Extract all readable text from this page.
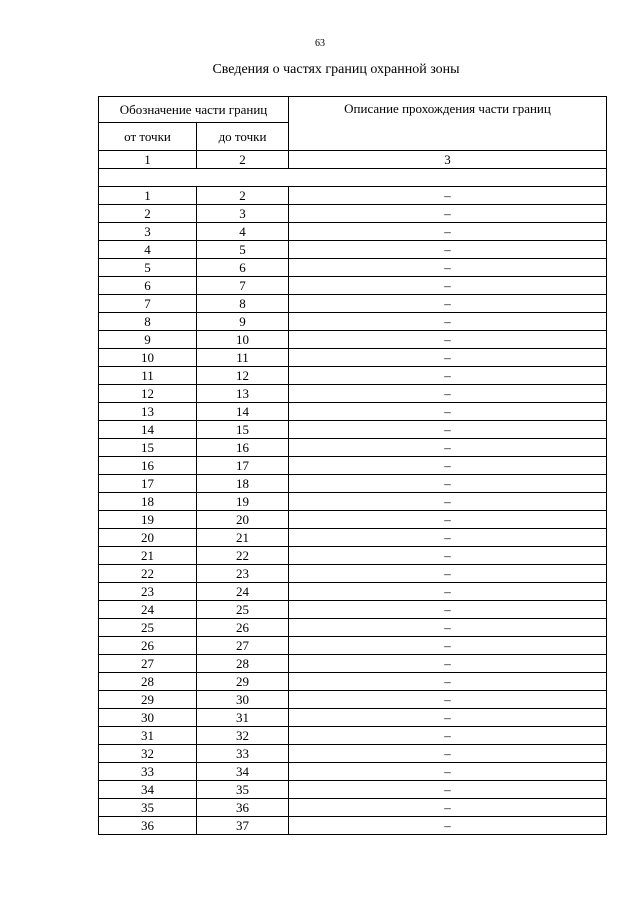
63
Сведения о частях границ охранной зоны
Обозначение части границ		Описание прохождения части границ
от точки	до точки	
1	2	3

1	2	–
2	3	–
3	4	–
4	5	–
5	6	–
6	7	–
7	8	–
8	9	–
9	10	–
10	11	–
11	12	–
12	13	–
13	14	–
14	15	–
15	16	–
16	17	–
17	18	–
18	19	–
19	20	–
20	21	–
21	22	–
22	23	–
23	24	–
24	25	–
25	26	–
26	27	–
27	28	–
28	29	–
29	30	–
30	31	–
31	32	–
32	33	–
33	34	–
34	35	–
35	36	–
36	37	–
